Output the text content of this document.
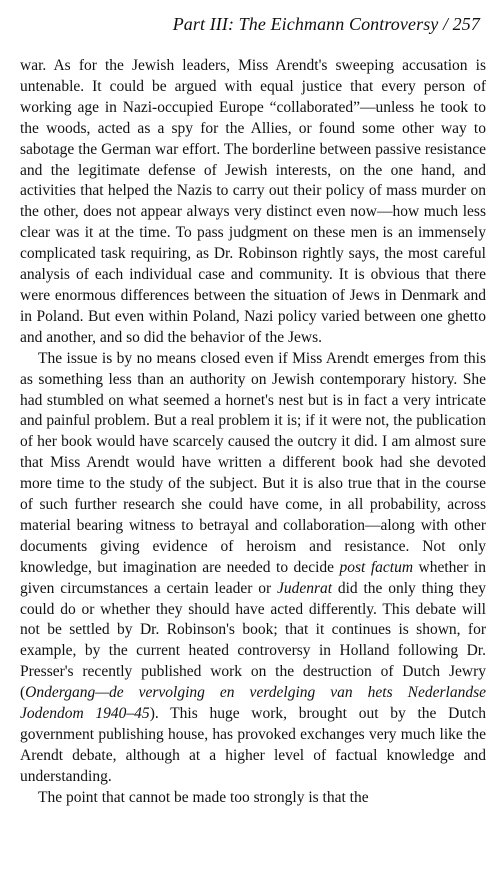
Part III: The Eichmann Controversy / 257

war. As for the Jewish leaders, Miss Arendt's sweeping accusation is untenable. It could be argued with equal justice that every person of working age in Nazi-occupied Europe “collaborated”—unless he took to the woods, acted as a spy for the Allies, or found some other way to sabotage the German war effort. The borderline between passive resistance and the legitimate defense of Jewish interests, on the one hand, and activities that helped the Nazis to carry out their policy of mass murder on the other, does not appear always very distinct even now—how much less clear was it at the time. To pass judgment on these men is an immensely complicated task requiring, as Dr. Robinson rightly says, the most careful analysis of each individual case and community. It is obvious that there were enormous differences between the situation of Jews in Denmark and in Poland. But even within Poland, Nazi policy varied between one ghetto and another, and so did the behavior of the Jews.

The issue is by no means closed even if Miss Arendt emerges from this as something less than an authority on Jewish contemporary history. She had stumbled on what seemed a hornet's nest but is in fact a very intricate and painful problem. But a real problem it is; if it were not, the publication of her book would have scarcely caused the outcry it did. I am almost sure that Miss Arendt would have written a different book had she devoted more time to the study of the subject. But it is also true that in the course of such further research she could have come, in all probability, across material bearing witness to betrayal and collaboration—along with other documents giving evidence of heroism and resistance. Not only knowledge, but imagination are needed to decide post factum whether in given circumstances a certain leader or Judenrat did the only thing they could do or whether they should have acted differently. This debate will not be settled by Dr. Robinson's book; that it continues is shown, for example, by the current heated controversy in Holland following Dr. Presser's recently published work on the destruction of Dutch Jewry (Ondergang—de vervolging en verdelging van hets Nederlandse Jodendom 1940–45). This huge work, brought out by the Dutch government publishing house, has provoked exchanges very much like the Arendt debate, although at a higher level of factual knowledge and understanding.

The point that cannot be made too strongly is that the
